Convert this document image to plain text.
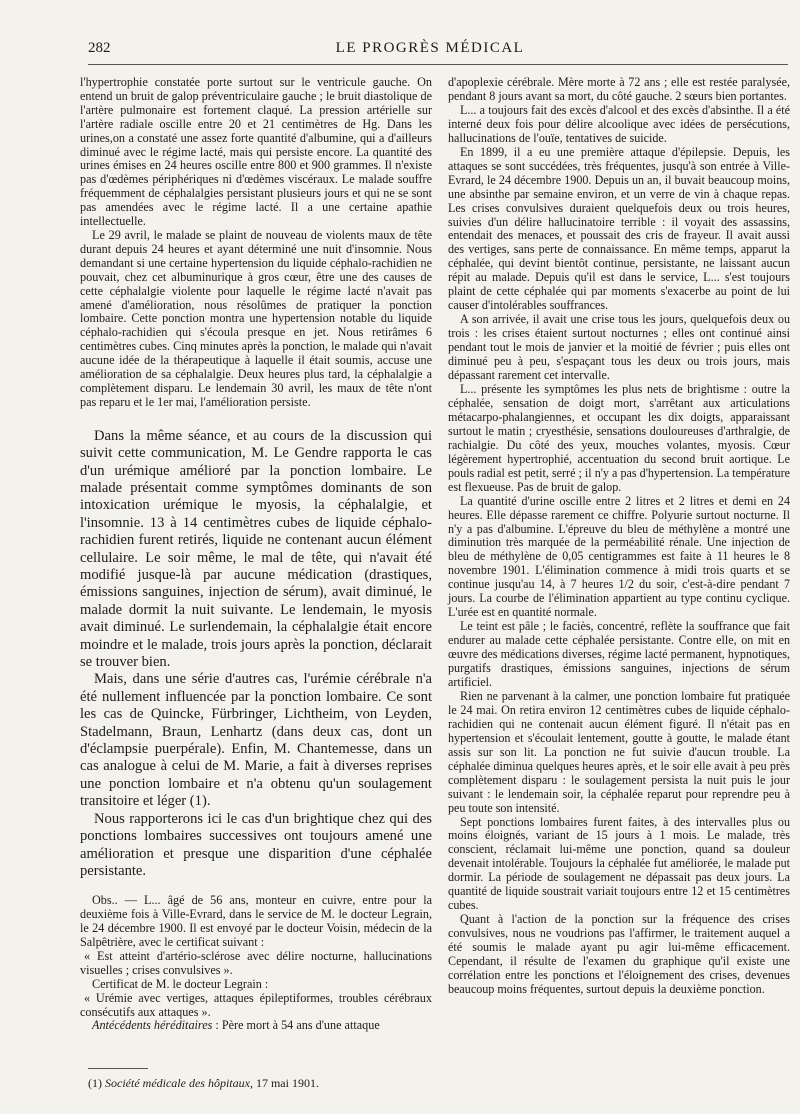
282	LE PROGRÈS MÉDICAL

l'hypertrophie constatée porte surtout sur le ventricule gauche. On entend un bruit de galop préventriculaire gauche ; le bruit diastolique de l'artère pulmonaire est fortement claqué. La pression artérielle sur l'artère radiale oscille entre 20 et 21 centimètres de Hg. Dans les urines,on a constaté une assez forte quantité d'albumine, qui a d'ailleurs diminué avec le régime lacté, mais qui persiste encore. La quantité des urines émises en 24 heures oscille entre 800 et 900 grammes. Il n'existe pas d'œdèmes périphériques ni d'œdèmes viscéraux. Le malade souffre fréquemment de céphalalgies persistant plusieurs jours et qui ne se sont pas amendées avec le régime lacté. Il a une certaine apathie intellectuelle.

Le 29 avril, le malade se plaint de nouveau de violents maux de tête durant depuis 24 heures et ayant déterminé une nuit d'insomnie. Nous demandant si une certaine hypertension du liquide céphalo-rachidien ne pouvait, chez cet albuminurique à gros cœur, être une des causes de cette céphalalgie violente pour laquelle le régime lacté n'avait pas amené d'amélioration, nous résolûmes de pratiquer la ponction lombaire. Cette ponction montra une hypertension notable du liquide céphalo-rachidien qui s'écoula presque en jet. Nous retirâmes 6 centimètres cubes. Cinq minutes après la ponction, le malade qui n'avait aucune idée de la thérapeutique à laquelle il était soumis, accuse une amélioration de sa céphalalgie. Deux heures plus tard, la céphalalgie a complètement disparu. Le lendemain 30 avril, les maux de tête n'ont pas reparu et le 1er mai, l'amélioration persiste.

Dans la même séance, et au cours de la discussion qui suivit cette communication, M. Le Gendre rapporta le cas d'un urémique amélioré par la ponction lombaire. Le malade présentait comme symptômes dominants de son intoxication urémique le myosis, la céphalalgie, et l'insomnie. 13 à 14 centimètres cubes de liquide céphalo-rachidien furent retirés, liquide ne contenant aucun élément cellulaire. Le soir même, le mal de tête, qui n'avait été modifié jusque-là par aucune médication (drastiques, émissions sanguines, injection de sérum), avait diminué, le malade dormit la nuit suivante. Le lendemain, le myosis avait diminué. Le surlendemain, la céphalalgie était encore moindre et le malade, trois jours après la ponction, déclarait se trouver bien.

Mais, dans une série d'autres cas, l'urémie cérébrale n'a été nullement influencée par la ponction lombaire. Ce sont les cas de Quincke, Fürbringer, Lichtheim, von Leyden, Stadelmann, Braun, Lenhartz (dans deux cas, dont un d'éclampsie puerpérale). Enfin, M. Chantemesse, dans un cas analogue à celui de M. Marie, a fait à diverses reprises une ponction lombaire et n'a obtenu qu'un soulagement transitoire et léger (1).

Nous rapporterons ici le cas d'un brightique chez qui des ponctions lombaires successives ont toujours amené une amélioration et presque une disparition d'une céphalée persistante.

Obs.. — L... âgé de 56 ans, monteur en cuivre, entre pour la deuxième fois à Ville-Evrard, dans le service de M. le docteur Legrain, le 24 décembre 1900. Il est envoyé par le docteur Voisin, médecin de la Salpêtrière, avec le certificat suivant :

« Est atteint d'artério-sclérose avec délire nocturne, hallucinations visuelles ; crises convulsives ».

Certificat de M. le docteur Legrain :

« Urémie avec vertiges, attaques épileptiformes, troubles cérébraux consécutifs aux attaques ».

Antécédents héréditaires : Père mort à 54 ans d'une attaque

(1) Société médicale des hôpitaux, 17 mai 1901.

d'apoplexie cérébrale. Mère morte à 72 ans ; elle est restée paralysée, pendant 8 jours avant sa mort, du côté gauche. 2 sœurs bien portantes.

L... a toujours fait des excès d'alcool et des excès d'absinthe. Il a été interné deux fois pour délire alcoolique avec idées de persécutions, hallucinations de l'ouïe, tentatives de suicide.

En 1899, il a eu une première attaque d'épilepsie. Depuis, les attaques se sont succédées, très fréquentes, jusqu'à son entrée à Ville-Evrard, le 24 décembre 1900. Depuis un an, il buvait beaucoup moins, une absinthe par semaine environ, et un verre de vin à chaque repas. Les crises convulsives duraient quelquefois deux ou trois heures, suivies d'un délire hallucinatoire terrible : il voyait des assassins, entendait des menaces, et poussait des cris de frayeur. Il avait aussi des vertiges, sans perte de connaissance. En même temps, apparut la céphalée, qui devint bientôt continue, persistante, ne laissant aucun répit au malade. Depuis qu'il est dans le service, L... s'est toujours plaint de cette céphalée qui par moments s'exacerbe au point de lui causer d'intolérables souffrances.

A son arrivée, il avait une crise tous les jours, quelquefois deux ou trois : les crises étaient surtout nocturnes ; elles ont continué ainsi pendant tout le mois de janvier et la moitié de février ; puis elles ont diminué peu à peu, s'espaçant tous les deux ou trois jours, mais dépassant rarement cet intervalle.

L... présente les symptômes les plus nets de brightisme : outre la céphalée, sensation de doigt mort, s'arrêtant aux articulations métacarpo-phalangiennes, et occupant les dix doigts, apparaissant surtout le matin ; cryesthésie, sensations douloureuses d'arthralgie, de rachialgie. Du côté des yeux, mouches volantes, myosis. Cœur légèrement hypertrophié, accentuation du second bruit aortique. Le pouls radial est petit, serré ; il n'y a pas d'hypertension. La température est flexueuse. Pas de bruit de galop.

La quantité d'urine oscille entre 2 litres et 2 litres et demi en 24 heures. Elle dépasse rarement ce chiffre. Polyurie surtout nocturne. Il n'y a pas d'albumine. L'épreuve du bleu de méthylène a montré une diminution très marquée de la perméabilité rénale. Une injection de bleu de méthylène de 0,05 centigrammes est faite à 11 heures le 8 novembre 1901. L'élimination commence à midi trois quarts et se continue jusqu'au 14, à 7 heures 1/2 du soir, c'est-à-dire pendant 7 jours. La courbe de l'élimination appartient au type continu cyclique. L'urée est en quantité normale.

Le teint est pâle ; le faciès, concentré, reflète la souffrance que fait endurer au malade cette céphalée persistante. Contre elle, on mit en œuvre des médications diverses, régime lacté permanent, hypnotiques, purgatifs drastiques, émissions sanguines, injections de sérum artificiel.

Rien ne parvenant à la calmer, une ponction lombaire fut pratiquée le 24 mai. On retira environ 12 centimètres cubes de liquide céphalo-rachidien qui ne contenait aucun élément figuré. Il n'était pas en hypertension et s'écoulait lentement, goutte à goutte, le malade étant assis sur son lit. La ponction ne fut suivie d'aucun trouble. La céphalée diminua quelques heures après, et le soir elle avait à peu près complètement disparu : le soulagement persista la nuit puis le jour suivant : le lendemain soir, la céphalée reparut pour reprendre peu à peu toute son intensité.

Sept ponctions lombaires furent faites, à des intervalles plus ou moins éloignés, variant de 15 jours à 1 mois. Le malade, très conscient, réclamait lui-même une ponction, quand sa douleur devenait intolérable. Toujours la céphalée fut améliorée, le malade put dormir. La période de soulagement ne dépassait pas deux jours. La quantité de liquide soustrait variait toujours entre 12 et 15 centimètres cubes.

Quant à l'action de la ponction sur la fréquence des crises convulsives, nous ne voudrions pas l'affirmer, le traitement auquel a été soumis le malade ayant pu agir lui-même efficacement. Cependant, il résulte de l'examen du graphique qu'il existe une corrélation entre les ponctions et l'éloignement des crises, devenues beaucoup moins fréquentes, surtout depuis la deuxième ponction.
